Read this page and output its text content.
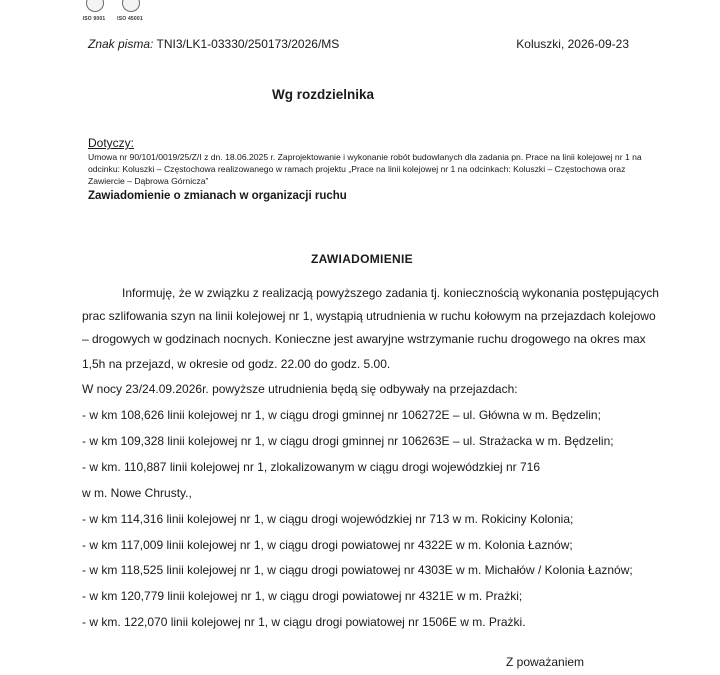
ISO 9001	ISO 45001
Znak pisma: TNI3/LK1-03330/250173/2026/MS	Koluszki, 2026-09-23
Wg rozdzielnika
Dotyczy:
Umowa nr 90/101/0019/25/Z/I z dn. 18.06.2025 r. Zaprojektowanie i wykonanie robót budowlanych dla zadania pn. Prace na linii kolejowej nr 1 na odcinku: Koluszki – Częstochowa realizowanego w ramach projektu „Prace na linii kolejowej nr 1 na odcinkach: Koluszki – Częstochowa oraz Zawiercie – Dąbrowa Górnicza”
Zawiadomienie o zmianach w organizacji ruchu
ZAWIADOMIENIE
Informuję, że w związku z realizacją powyższego zadania tj. koniecznością wykonania postępujących
prac szlifowania szyn na linii kolejowej nr 1, wystąpią utrudnienia w ruchu kołowym na przejazdach kolejowo
– drogowych w godzinach nocnych. Konieczne jest awaryjne wstrzymanie ruchu drogowego na okres max
1,5h na przejazd, w okresie od godz. 22.00 do godz. 5.00.
W nocy 23/24.09.2026r. powyższe utrudnienia będą się odbywały na przejazdach:
- w km 108,626 linii kolejowej nr 1, w ciągu drogi gminnej nr 106272E – ul. Główna w m. Będzelin;
- w km 109,328 linii kolejowej nr 1, w ciągu drogi gminnej nr 106263E – ul. Strażacka w m. Będzelin;
- w km. 110,887 linii kolejowej nr 1, zlokalizowanym w ciągu drogi wojewódzkiej nr 716
w m. Nowe Chrusty.,
- w km 114,316 linii kolejowej nr 1, w ciągu drogi wojewódzkiej nr 713 w m. Rokiciny Kolonia;
- w km 117,009 linii kolejowej nr 1, w ciągu drogi powiatowej nr 4322E w m. Kolonia Łaznów;
- w km 118,525 linii kolejowej nr 1, w ciągu drogi powiatowej nr 4303E w m. Michałów / Kolonia Łaznów;
- w km 120,779 linii kolejowej nr 1, w ciągu drogi powiatowej nr 4321E w m. Prażki;
- w km. 122,070 linii kolejowej nr 1, w ciągu drogi powiatowej nr 1506E w m. Prażki.
Z poważaniem
